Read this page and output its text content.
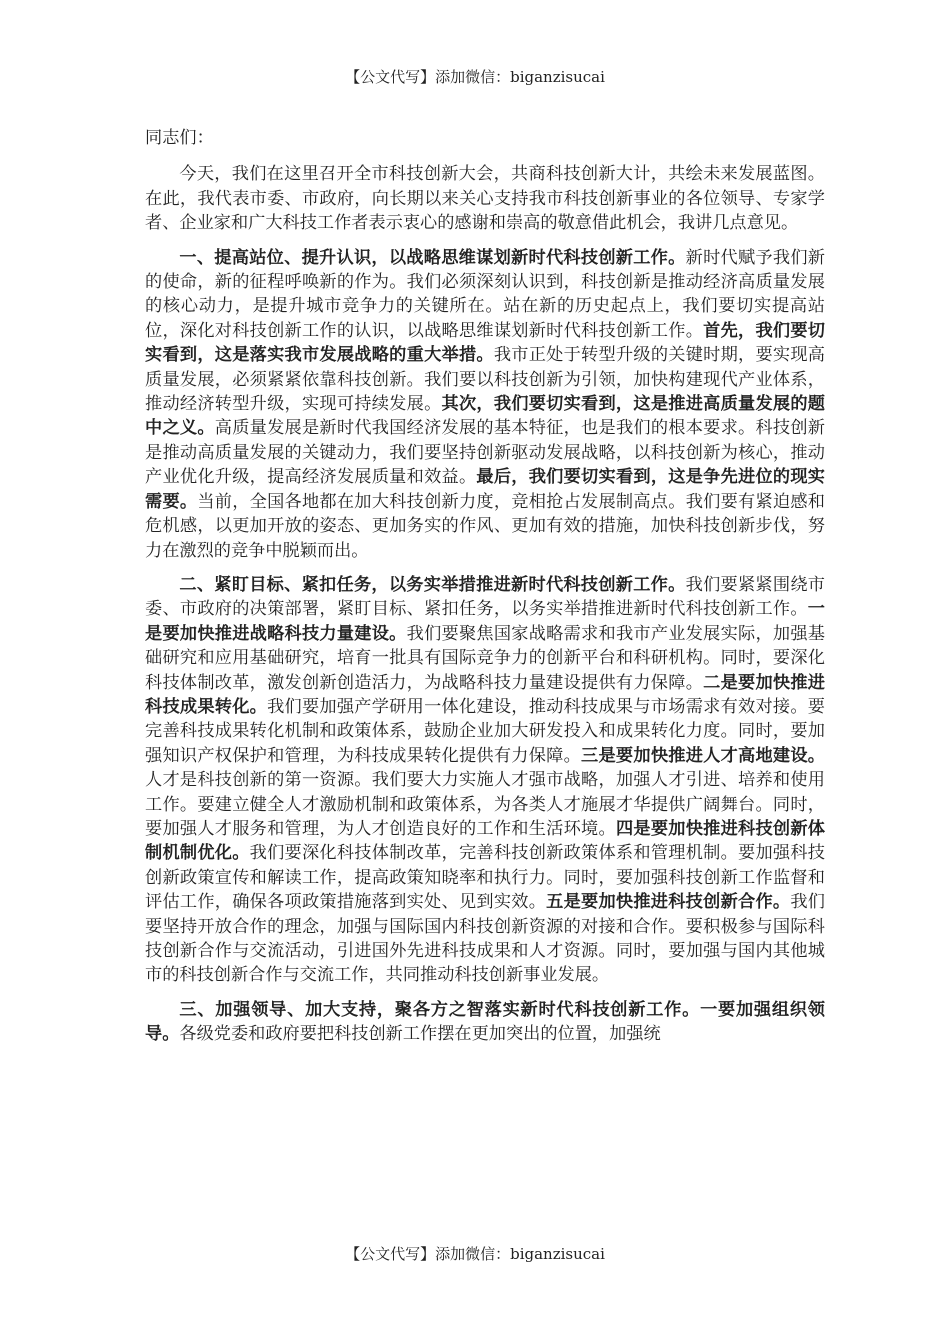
【公文代写】添加微信：biganzisucai

同志们：

今天，我们在这里召开全市科技创新大会，共商科技创新大计，共绘未来发展蓝图。在此，我代表市委、市政府，向长期以来关心支持我市科技创新事业的各位领导、专家学者、企业家和广大科技工作者表示衷心的感谢和崇高的敬意借此机会，我讲几点意见。

一、提高站位、提升认识，以战略思维谋划新时代科技创新工作。新时代赋予我们新的使命，新的征程呼唤新的作为。我们必须深刻认识到，科技创新是推动经济高质量发展的核心动力，是提升城市竞争力的关键所在。站在新的历史起点上，我们要切实提高站位，深化对科技创新工作的认识，以战略思维谋划新时代科技创新工作。首先，我们要切实看到，这是落实我市发展战略的重大举措。我市正处于转型升级的关键时期，要实现高质量发展，必须紧紧依靠科技创新。我们要以科技创新为引领，加快构建现代产业体系，推动经济转型升级，实现可持续发展。其次，我们要切实看到，这是推进高质量发展的题中之义。高质量发展是新时代我国经济发展的基本特征，也是我们的根本要求。科技创新是推动高质量发展的关键动力，我们要坚持创新驱动发展战略，以科技创新为核心，推动产业优化升级，提高经济发展质量和效益。最后，我们要切实看到，这是争先进位的现实需要。当前，全国各地都在加大科技创新力度，竞相抢占发展制高点。我们要有紧迫感和危机感，以更加开放的姿态、更加务实的作风、更加有效的措施，加快科技创新步伐，努力在激烈的竞争中脱颖而出。

二、紧盯目标、紧扣任务，以务实举措推进新时代科技创新工作。我们要紧紧围绕市委、市政府的决策部署，紧盯目标、紧扣任务，以务实举措推进新时代科技创新工作。一是要加快推进战略科技力量建设。我们要聚焦国家战略需求和我市产业发展实际，加强基础研究和应用基础研究，培育一批具有国际竞争力的创新平台和科研机构。同时，要深化科技体制改革，激发创新创造活力，为战略科技力量建设提供有力保障。二是要加快推进科技成果转化。我们要加强产学研用一体化建设，推动科技成果与市场需求有效对接。要完善科技成果转化机制和政策体系，鼓励企业加大研发投入和成果转化力度。同时，要加强知识产权保护和管理，为科技成果转化提供有力保障。三是要加快推进人才高地建设。人才是科技创新的第一资源。我们要大力实施人才强市战略，加强人才引进、培养和使用工作。要建立健全人才激励机制和政策体系，为各类人才施展才华提供广阔舞台。同时，要加强人才服务和管理，为人才创造良好的工作和生活环境。四是要加快推进科技创新体制机制优化。我们要深化科技体制改革，完善科技创新政策体系和管理机制。要加强科技创新政策宣传和解读工作，提高政策知晓率和执行力。同时，要加强科技创新工作监督和评估工作，确保各项政策措施落到实处、见到实效。五是要加快推进科技创新合作。我们要坚持开放合作的理念，加强与国际国内科技创新资源的对接和合作。要积极参与国际科技创新合作与交流活动，引进国外先进科技成果和人才资源。同时，要加强与国内其他城市的科技创新合作与交流工作，共同推动科技创新事业发展。

三、加强领导、加大支持，聚各方之智落实新时代科技创新工作。一要加强组织领导。各级党委和政府要把科技创新工作摆在更加突出的位置，加强统

【公文代写】添加微信：biganzisucai
